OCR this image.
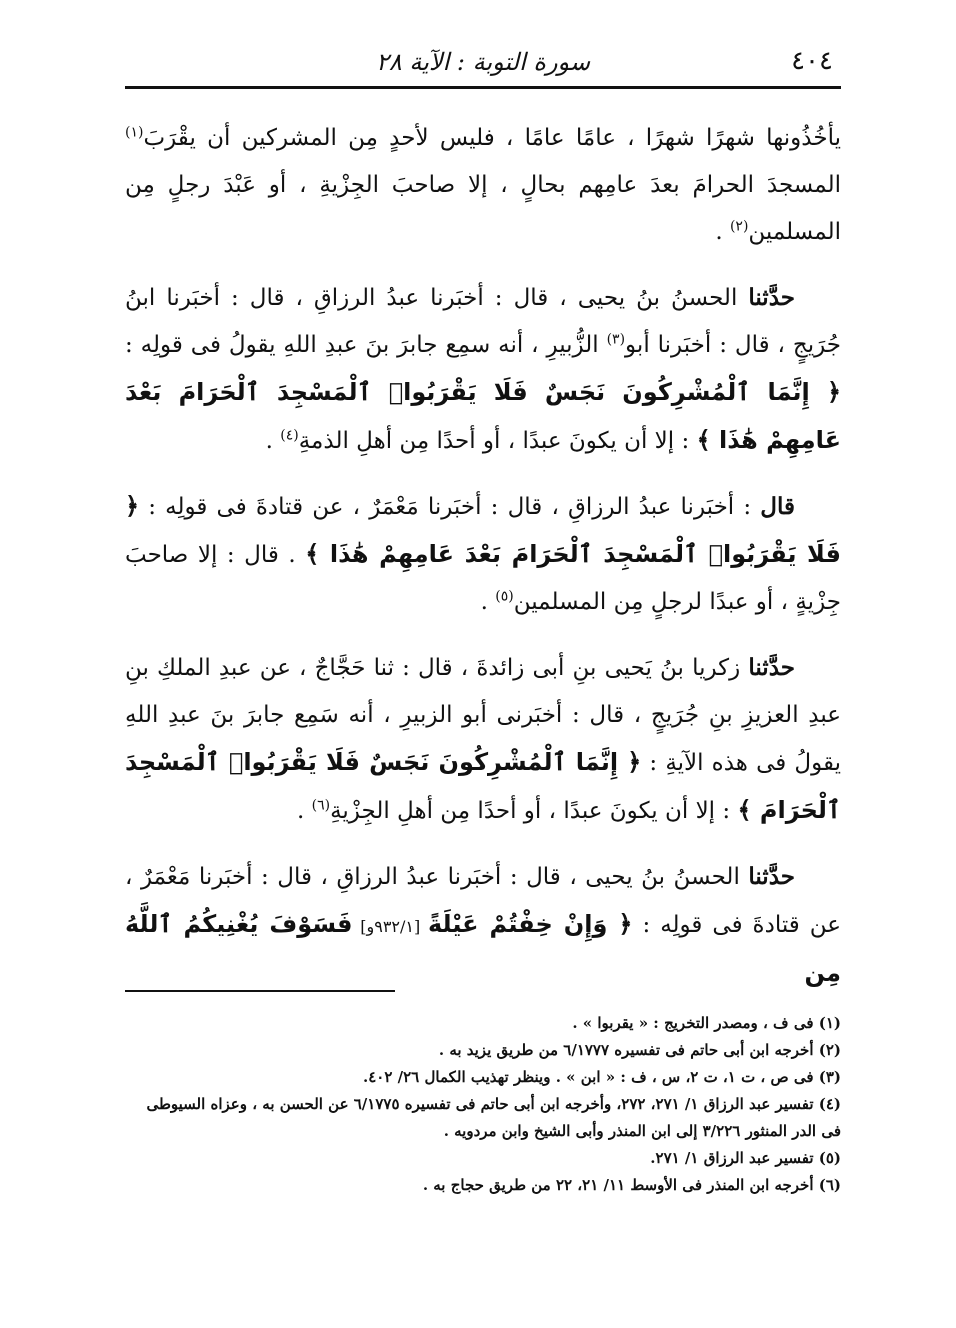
٤٠٤
سورة التوبة : الآية ٢٨

يأخُذُونها شهرًا شهرًا ، عامًا عامًا ، فليس لأحدٍ مِن المشركين أن يقْرَبَ$^{(١)}$ المسجدَ الحرامَ بعدَ عامِهم بحالٍ ، إلا صاحبَ الجِزْيةِ ، أو عَبْدَ رجلٍ مِن المسلمين$^{(٢)}$ .

حدَّثنا الحسنُ بنُ يحيى ، قال : أخبَرنا عبدُ الرزاقِ ، قال : أخبَرنا ابنُ جُرَيجٍ ، قال : أخبَرنا أبو$^{(٣)}$ الزُّبيرِ ، أنه سمِع جابرَ بنَ عبدِ اللهِ يقولُ فى قولِه : ﴿ إِنَّمَا ٱلْمُشْرِكُونَ نَجَسٌ فَلَا يَقْرَبُوا۟ ٱلْمَسْجِدَ ٱلْحَرَامَ بَعْدَ عَامِهِمْ هَٰذَا ﴾ : إلا أن يكونَ عبدًا ، أو أحدًا مِن أهلِ الذمةِ$^{(٤)}$ .

قال : أخبَرنا عبدُ الرزاقِ ، قال : أخبَرنا مَعْمَرٌ ، عن قتادةَ فى قولِه : ﴿ فَلَا يَقْرَبُوا۟ ٱلْمَسْجِدَ ٱلْحَرَامَ بَعْدَ عَامِهِمْ هَٰذَا ﴾ . قال : إلا صاحبَ جِزْيةٍ ، أو عبدًا لرجلٍ مِن المسلمين$^{(٥)}$ .

حدَّثنا زكريا بنُ يَحيى بنِ أبى زائدةَ ، قال : ثنا حَجَّاجٌ ، عن عبدِ الملكِ بنِ عبدِ العزيزِ بنِ جُرَيجٍ ، قال : أخبَرنى أبو الزبيرِ ، أنه سَمِع جابرَ بنَ عبدِ اللهِ يقولُ فى هذه الآيةِ : ﴿ إِنَّمَا ٱلْمُشْرِكُونَ نَجَسٌ فَلَا يَقْرَبُوا۟ ٱلْمَسْجِدَ ٱلْحَرَامَ ﴾ : إلا أن يكونَ عبدًا ، أو أحدًا مِن أهلِ الجِزْيةِ$^{(٦)}$ .

حدَّثنا الحسنُ بنُ يحيى ، قال : أخبَرنا عبدُ الرزاقِ ، قال : أخبَرنا مَعْمَرٌ ، عن قتادةَ فى قولِه : ﴿ وَإِنْ خِفْتُمْ عَيْلَةً [٩٣٢/١و] فَسَوْفَ يُغْنِيكُمُ ٱللَّهُ مِن

(١) فى ف ، ومصدر التخريج : « يقربوا » .

(٢) أخرجه ابن أبى حاتم فى تفسيره ٦/١٧٧٧ من طريق يزيد به .

(٣) فى ص ، ت ١، ت ٢، س ، ف : « ابن » . وينظر تهذيب الكمال ٢٦/ ٤٠٢.

(٤) تفسير عبد الرزاق ١/ ٢٧١، ٢٧٢، وأخرجه ابن أبى حاتم فى تفسيره ٦/١٧٧٥ عن الحسن به ، وعزاه السيوطى فى الدر المنثور ٣/٢٢٦ إلى ابن المنذر وأبى الشيخ وابن مردويه .

(٥) تفسير عبد الرزاق ١/ ٢٧١.

(٦) أخرجه ابن المنذر فى الأوسط ١١/ ٢١، ٢٢ من طريق حجاج به .
